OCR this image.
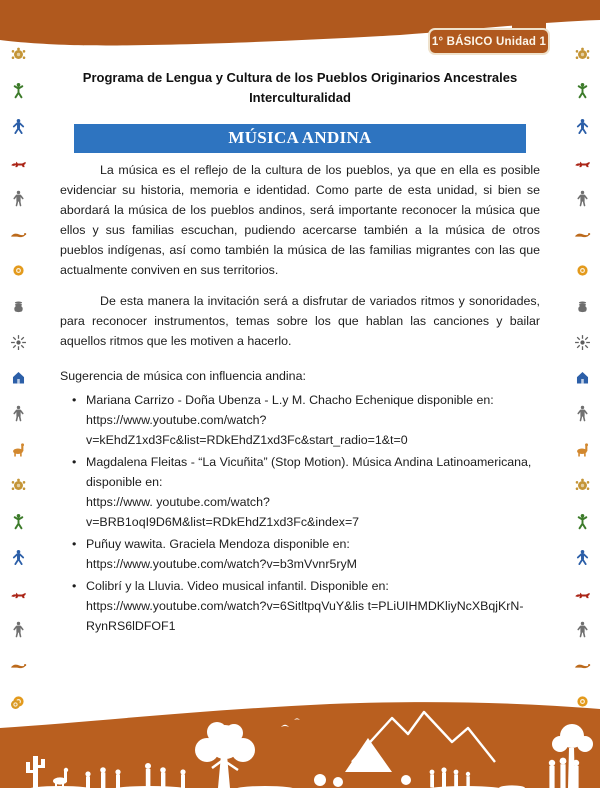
1° BÁSICO Unidad 1
Programa de Lengua y Cultura de los Pueblos Originarios Ancestrales
Interculturalidad
MÚSICA ANDINA

La música es el reflejo de la cultura de los pueblos, ya que en ella es posible evidenciar su historia, memoria e identidad. Como parte de esta unidad, si bien se abordará la música de los pueblos andinos, será importante reconocer la música que ellos y sus familias escuchan, pudiendo acercarse también a la música de otros pueblos indígenas, así como también la música de las familias migrantes con las que actualmente conviven en sus territorios.

De esta manera la invitación será a disfrutar de variados ritmos y sonoridades, para reconocer instrumentos, temas sobre los que hablan las canciones y bailar aquellos ritmos que les motiven a hacerlo.

Sugerencia de música con influencia andina:
• Mariana Carrizo - Doña Ubenza - L.y M. Chacho Echenique disponible en:
https://www.youtube.com/watch?v=kEhdZ1xd3Fc&list=RDkEhdZ1xd3Fc&start_radio=1&t=0
• Magdalena Fleitas - “La Vicuñita” (Stop Motion). Música Andina Latinoamericana, disponible en:
https://www. youtube.com/watch?v=BRB1oqI9D6M&list=RDkEhdZ1xd3Fc&index=7
• Puñuy wawita. Graciela Mendoza disponible en:
https://www.youtube.com/watch?v=b3mVvnr5ryM
• Colibrí y la Lluvia. Video musical infantil. Disponible en:
https://www.youtube.com/watch?v=6SitltpqVuY&lis t=PLiUIHMDKliyNcXBqjKrN-RynRS6lDFOF1
